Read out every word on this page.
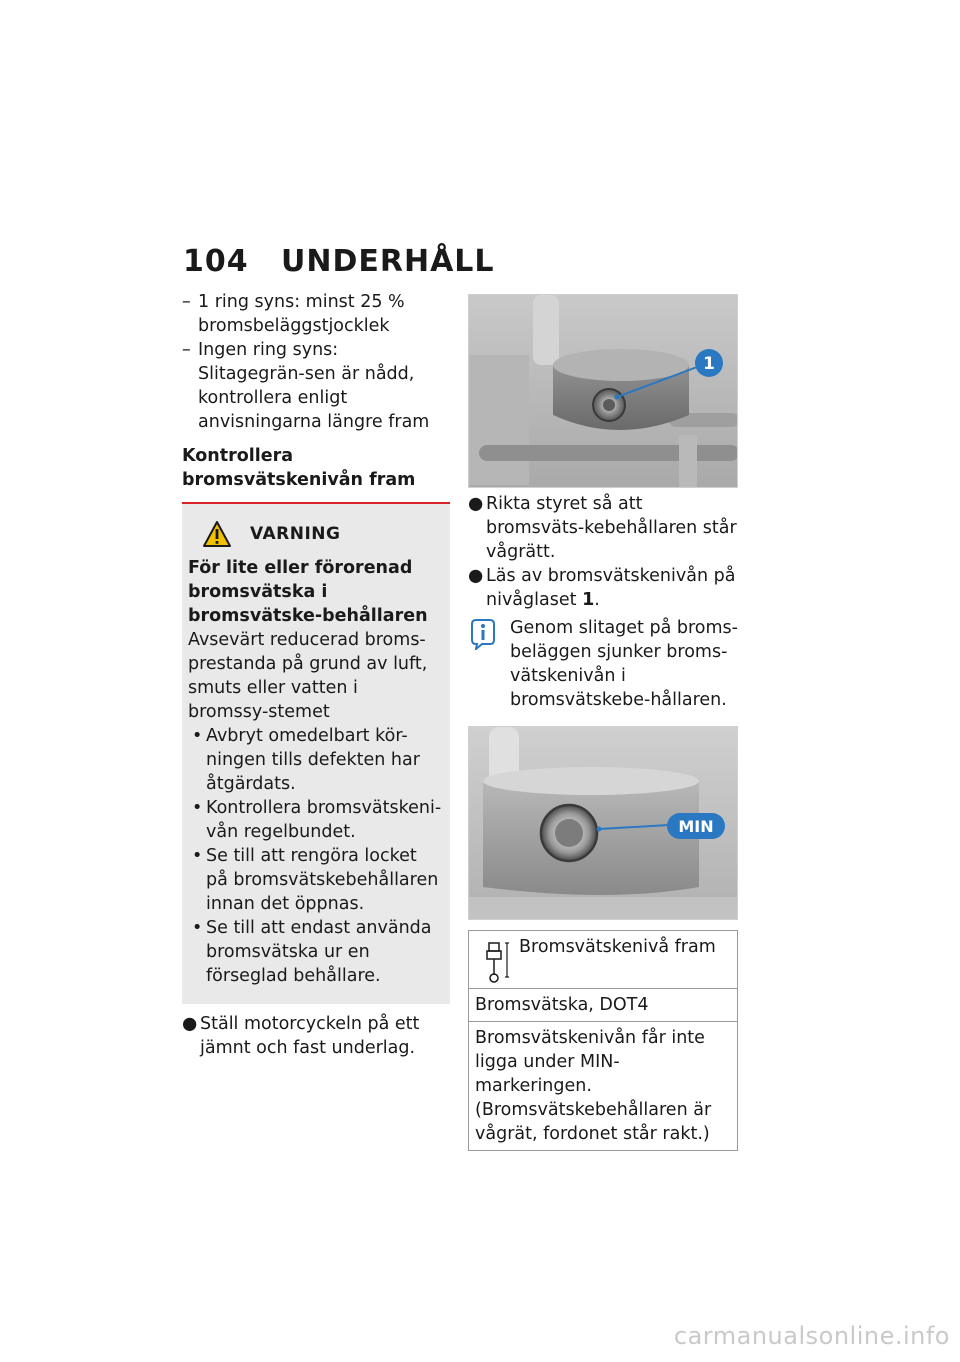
104	UNDERHÅLL
– 1 ring syns: minst 25 % bromsbeläggstjocklek
– Ingen ring syns: Slitagegrän-sen är nådd, kontrollera enligt anvisningarna längre fram
Kontrollera bromsvätskenivån fram
VARNING
För lite eller förorenad bromsvätska i bromsvätske-behållaren
Avsevärt reducerad broms-prestanda på grund av luft, smuts eller vatten i bromssy-stemet
• Avbryt omedelbart kör-ningen tills defekten har åtgärdats.
• Kontrollera bromsvätskeni-vån regelbundet.
• Se till att rengöra locket på bromsvätskebehållaren innan det öppnas.
• Se till att endast använda bromsvätska ur en förseglad behållare.
● Ställ motorcyckeln på ett jämnt och fast underlag.
1
● Rikta styret så att bromsväts-kebehållaren står vågrätt.
● Läs av bromsvätskenivån på nivåglaset 1.
Genom slitaget på broms-beläggen sjunker broms-vätskenivån i bromsvätskebe-hållaren.
MIN
Bromsvätskenivå fram
Bromsvätska, DOT4
Bromsvätskenivån får inte ligga under MIN-markeringen. (Bromsvätskebehållaren är vågrät, fordonet står rakt.)
carmanualsonline.info
